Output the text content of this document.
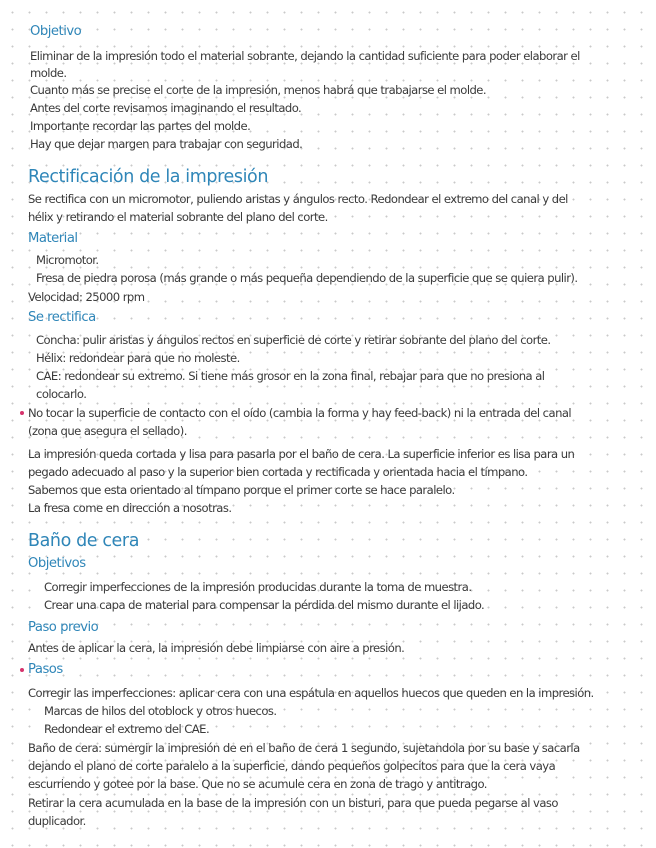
Objetivo
Eliminar de la impresión todo el material sobrante, dejando la cantidad suficiente para poder elaborar el
molde.
Cuanto más se precise el corte de la impresión, menos habrá que trabajarse el molde.
Antes del corte revisamos imaginando el resultado.
Importante recordar las partes del molde.
Hay que dejar margen para trabajar con seguridad.
Rectificación de la impresión
Se rectifica con un micromotor, puliendo aristas y ángulos recto. Redondear el extremo del canal y del
hélix y retirando el material sobrante del plano del corte.
Material
Micromotor.
Fresa de piedra porosa (más grande o más pequeña dependiendo de la superficie que se quiera pulir).
Velocidad: 25000 rpm
Se rectifica
Concha: pulir aristas y ángulos rectos en superficie de corte y retirar sobrante del plano del corte.
Hélix: redondear para que no moleste.
CAE: redondear su extremo. Si tiene más grosor en la zona final, rebajar para que no presiona al
colocarlo.
No tocar la superficie de contacto con el oído (cambia la forma y hay feed-back) ni la entrada del canal
(zona que asegura el sellado).
La impresión queda cortada y lisa para pasarla por el baño de cera. La superficie inferior es lisa para un
pegado adecuado al paso y la superior bien cortada y rectificada y orientada hacia el tímpano.
Sabemos que esta orientado al tímpano porque el primer corte se hace paralelo.
La fresa come en dirección a nosotras.
Baño de cera
Objetivos
Corregir imperfecciones de la impresión producidas durante la toma de muestra.
Crear una capa de material para compensar la pérdida del mismo durante el lijado.
Paso previo
Antes de aplicar la cera, la impresión debe limpiarse con aire a presión.
Pasos
Corregir las imperfecciones: aplicar cera con una espátula en aquellos huecos que queden en la impresión.
Marcas de hilos del otoblock y otros huecos.
Redondear el extremo del CAE.
Baño de cera: sumergir la impresión de en el baño de cera 1 segundo, sujetandola por su base y sacarla
dejando el plano de corte paralelo a la superficie, dando pequeños golpecitos para que la cera vaya
escurriendo y gotee por la base. Que no se acumule cera en zona de trago y antitrago.
Retirar la cera acumulada en la base de la impresión con un bisturi, para que pueda pegarse al vaso
duplicador.
